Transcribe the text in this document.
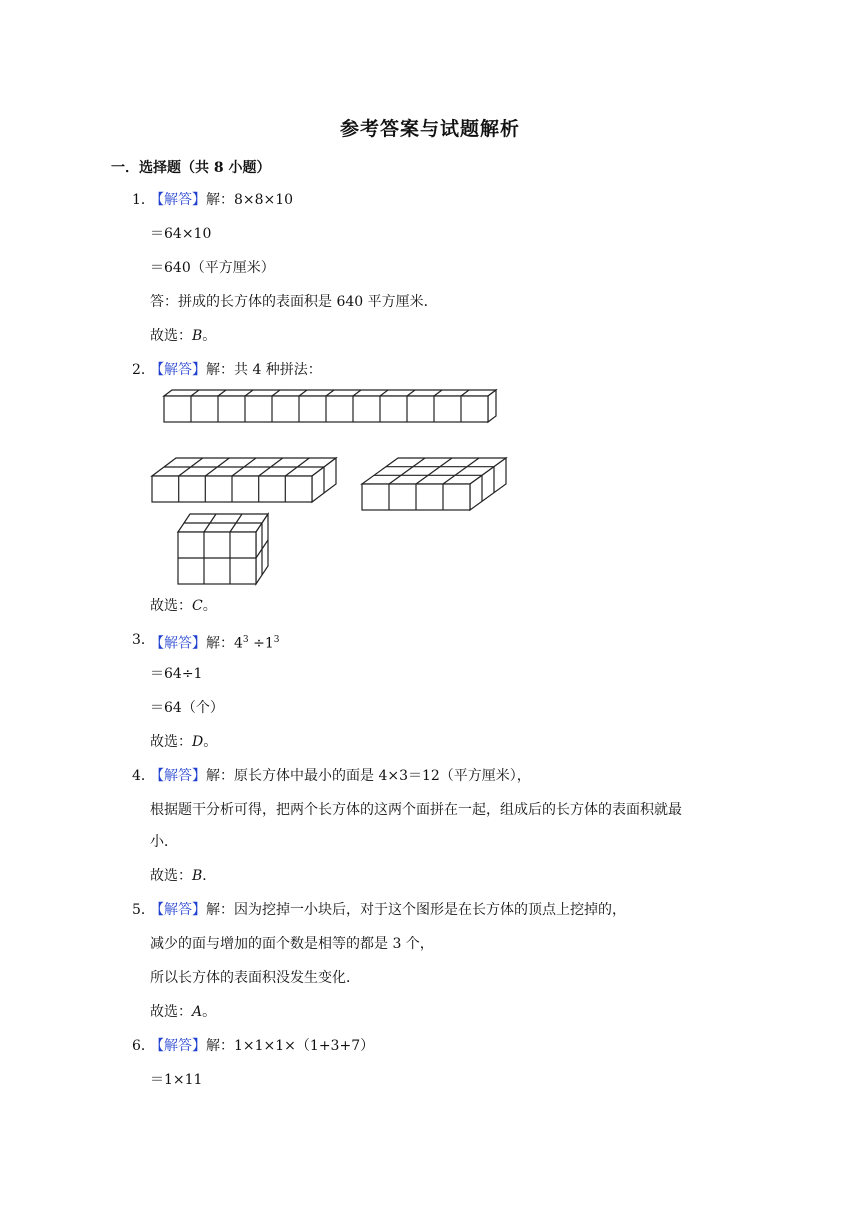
参考答案与试题解析
一．选择题（共 8 小题）
1．
【解答】解：8×8×10
＝64×10
＝640（平方厘米）
答：拼成的长方体的表面积是 640 平方厘米．
故选：B。
2．
【解答】解：共 4 种拼法：
故选：C。
3．
【解答】解：$4^3 \div 1^3$
＝64÷1
＝64（个）
故选：D。
4．
【解答】解：原长方体中最小的面是 4×3＝12（平方厘米），
根据题干分析可得，把两个长方体的这两个面拼在一起，组成后的长方体的表面积就最
小．
故选：B．
5．
【解答】解：因为挖掉一小块后，对于这个图形是在长方体的顶点上挖掉的，
减少的面与增加的面个数是相等的都是 3 个，
所以长方体的表面积没发生变化．
故选：A。
6．
【解答】解：1×1×1×（1+3+7）
＝1×11
